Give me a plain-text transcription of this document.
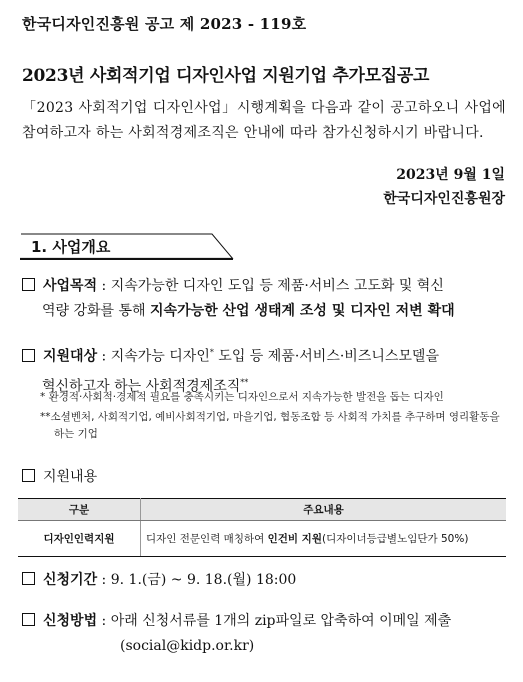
한국디자인진흥원 공고 제 2023 - 119호
2023년 사회적기업 디자인사업 지원기업 추가모집공고
「2023 사회적기업 디자인사업」시행계획을 다음과 같이 공고하오니 사업에 참여하고자 하는 사회적경제조직은 안내에 따라 참가신청하시기 바랍니다.
2023년 9월 1일
한국디자인진흥원장
1. 사업개요
사업목적 : 지속가능한 디자인 도입 등 제품·서비스 고도화 및 혁신
역량 강화를 통해 지속가능한 산업 생태계 조성 및 디자인 저변 확대
지원대상 : 지속가능 디자인* 도입 등 제품·서비스·비즈니스모델을
혁신하고자 하는 사회적경제조직**
* 환경적·사회적·경제적 필요를 충족시키는 디자인으로서 지속가능한 발전을 돕는 디자인
**소셜벤처, 사회적기업, 예비사회적기업, 마을기업, 협동조합 등 사회적 가치를 추구하며 영리활동을 하는 기업
지원내용
구분	주요내용
디자인인력지원	디자인 전문인력 매칭하여 인건비 지원(디자이너등급별노임단가 50%)
신청기간 : 9. 1.(금) ~ 9. 18.(월) 18:00
신청방법 : 아래 신청서류를 1개의 zip파일로 압축하여 이메일 제출
(social@kidp.or.kr)
